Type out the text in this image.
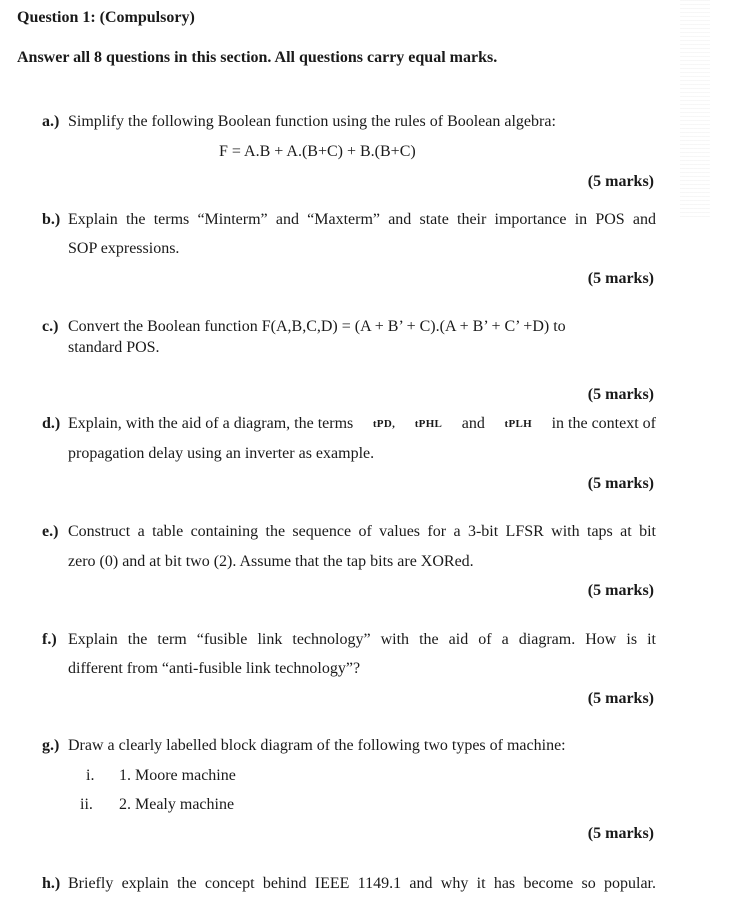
Question 1: (Compulsory)
Answer all 8 questions in this section. All questions carry equal marks.
a.) Simplify the following Boolean function using the rules of Boolean algebra:
F = A.B + A.(B+C) + B.(B+C)
(5 marks)
b.) Explain the terms “Minterm” and “Maxterm” and state their importance in POS and
SOP expressions.
(5 marks)
c.) Convert the Boolean function F(A,B,C,D) = (A + B’ + C).(A + B’ + C’ +D) to
standard POS.
(5 marks)
d.) Explain, with the aid of a diagram, the terms tPD, tPHL and tPLH in the context of
propagation delay using an inverter as example.
(5 marks)
e.) Construct a table containing the sequence of values for a 3-bit LFSR with taps at bit
zero (0) and at bit two (2). Assume that the tap bits are XORed.
(5 marks)
f.) Explain the term “fusible link technology” with the aid of a diagram. How is it
different from “anti-fusible link technology”?
(5 marks)
g.) Draw a clearly labelled block diagram of the following two types of machine:
i. 1. Moore machine
ii. 2. Mealy machine
(5 marks)
h.) Briefly explain the concept behind IEEE 1149.1 and why it has become so popular.
